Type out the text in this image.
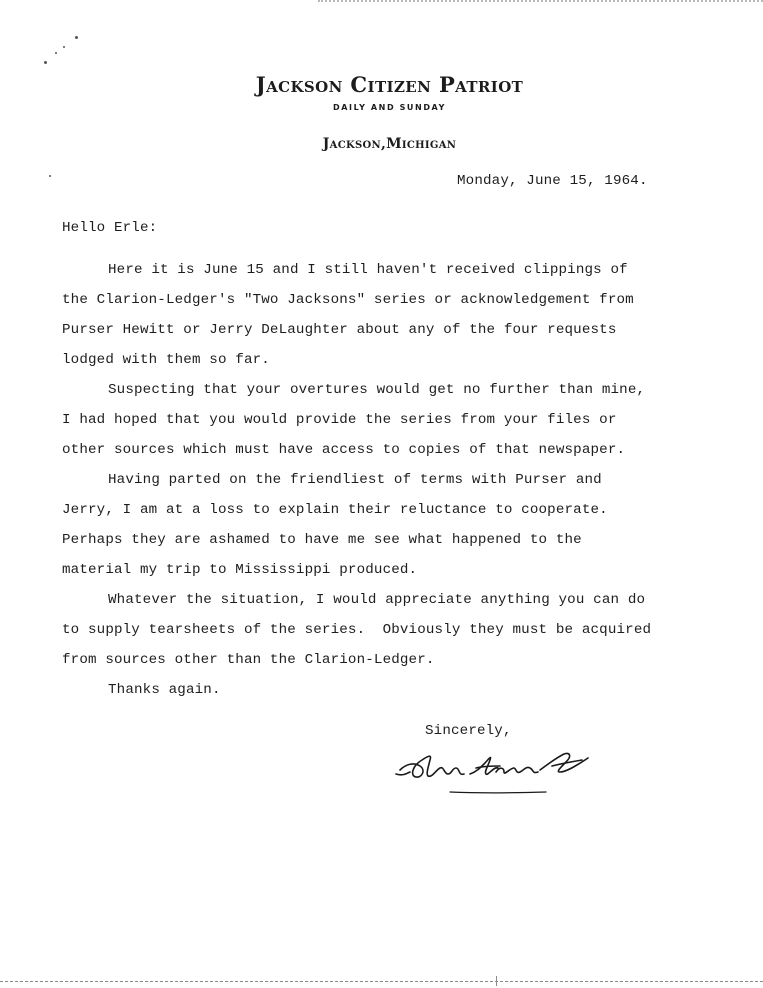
Jackson Citizen Patriot
DAILY AND SUNDAY
Jackson,Michigan
Monday, June 15, 1964.
Hello Erle:
Here it is June 15 and I still haven't received clippings of
the Clarion-Ledger's "Two Jacksons" series or acknowledgement from
Purser Hewitt or Jerry DeLaughter about any of the four requests
lodged with them so far.
Suspecting that your overtures would get no further than mine,
I had hoped that you would provide the series from your files or
other sources which must have access to copies of that newspaper.
Having parted on the friendliest of terms with Purser and
Jerry, I am at a loss to explain their reluctance to cooperate.
Perhaps they are ashamed to have me see what happened to the
material my trip to Mississippi produced.
Whatever the situation, I would appreciate anything you can do
to supply tearsheets of the series.  Obviously they must be acquired
from sources other than the Clarion-Ledger.
Thanks again.
Sincerely,
